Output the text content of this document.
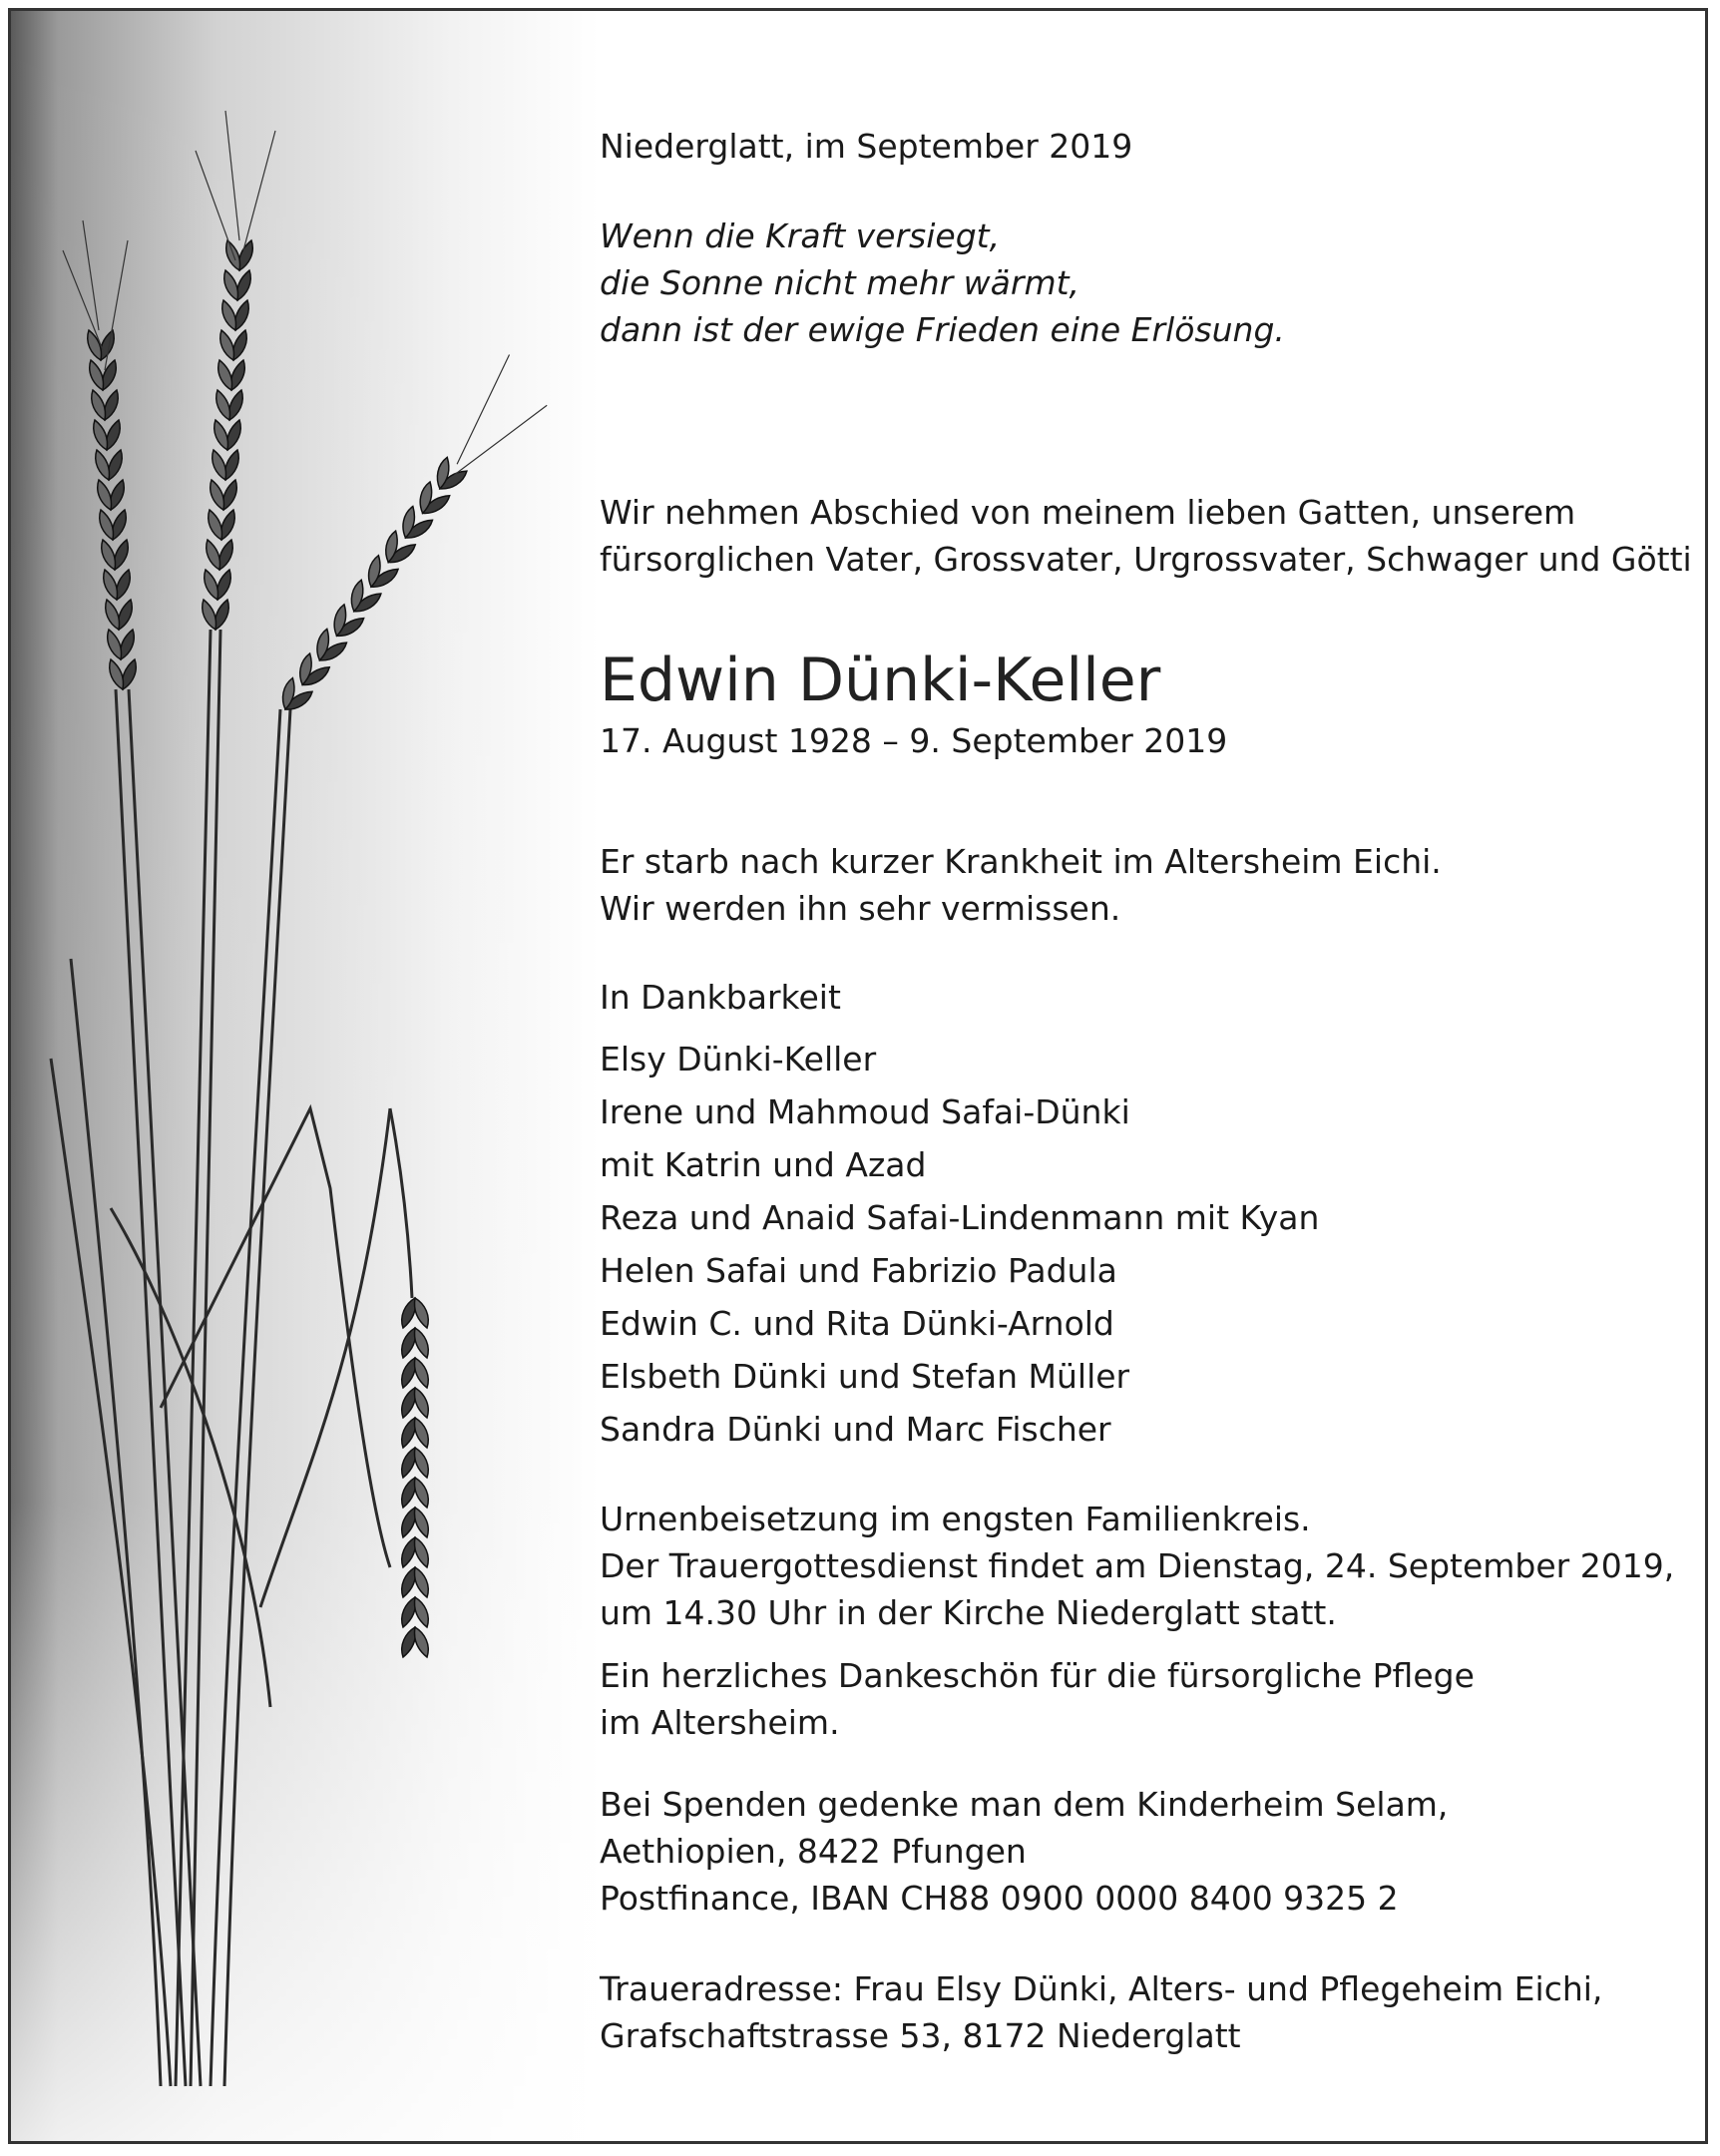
Niederglatt, im September 2019

Wenn die Kraft versiegt,

die Sonne nicht mehr wärmt,

dann ist der ewige Frieden eine Erlösung.

Wir nehmen Abschied von meinem lieben Gatten, unserem

fürsorglichen Vater, Grossvater, Urgrossvater, Schwager und Götti

Edwin Dünki-Keller

17. August 1928 – 9. September 2019

Er starb nach kurzer Krankheit im Altersheim Eichi.

Wir werden ihn sehr vermissen.

In Dankbarkeit

Elsy Dünki-Keller

Irene und Mahmoud Safai-Dünki

mit Katrin und Azad

Reza und Anaid Safai-Lindenmann mit Kyan

Helen Safai und Fabrizio Padula

Edwin C. und Rita Dünki-Arnold

Elsbeth Dünki und Stefan Müller

Sandra Dünki und Marc Fischer

Urnenbeisetzung im engsten Familienkreis.

Der Trauergottesdienst findet am Dienstag, 24. September 2019,

um 14.30 Uhr in der Kirche Niederglatt statt.

Ein herzliches Dankeschön für die fürsorgliche Pflege

im Altersheim.

Bei Spenden gedenke man dem Kinderheim Selam,

Aethiopien, 8422 Pfungen

Postfinance, IBAN CH88 0900 0000 8400 9325 2

Traueradresse: Frau Elsy Dünki, Alters- und Pflegeheim Eichi,

Grafschaftstrasse 53, 8172 Niederglatt
